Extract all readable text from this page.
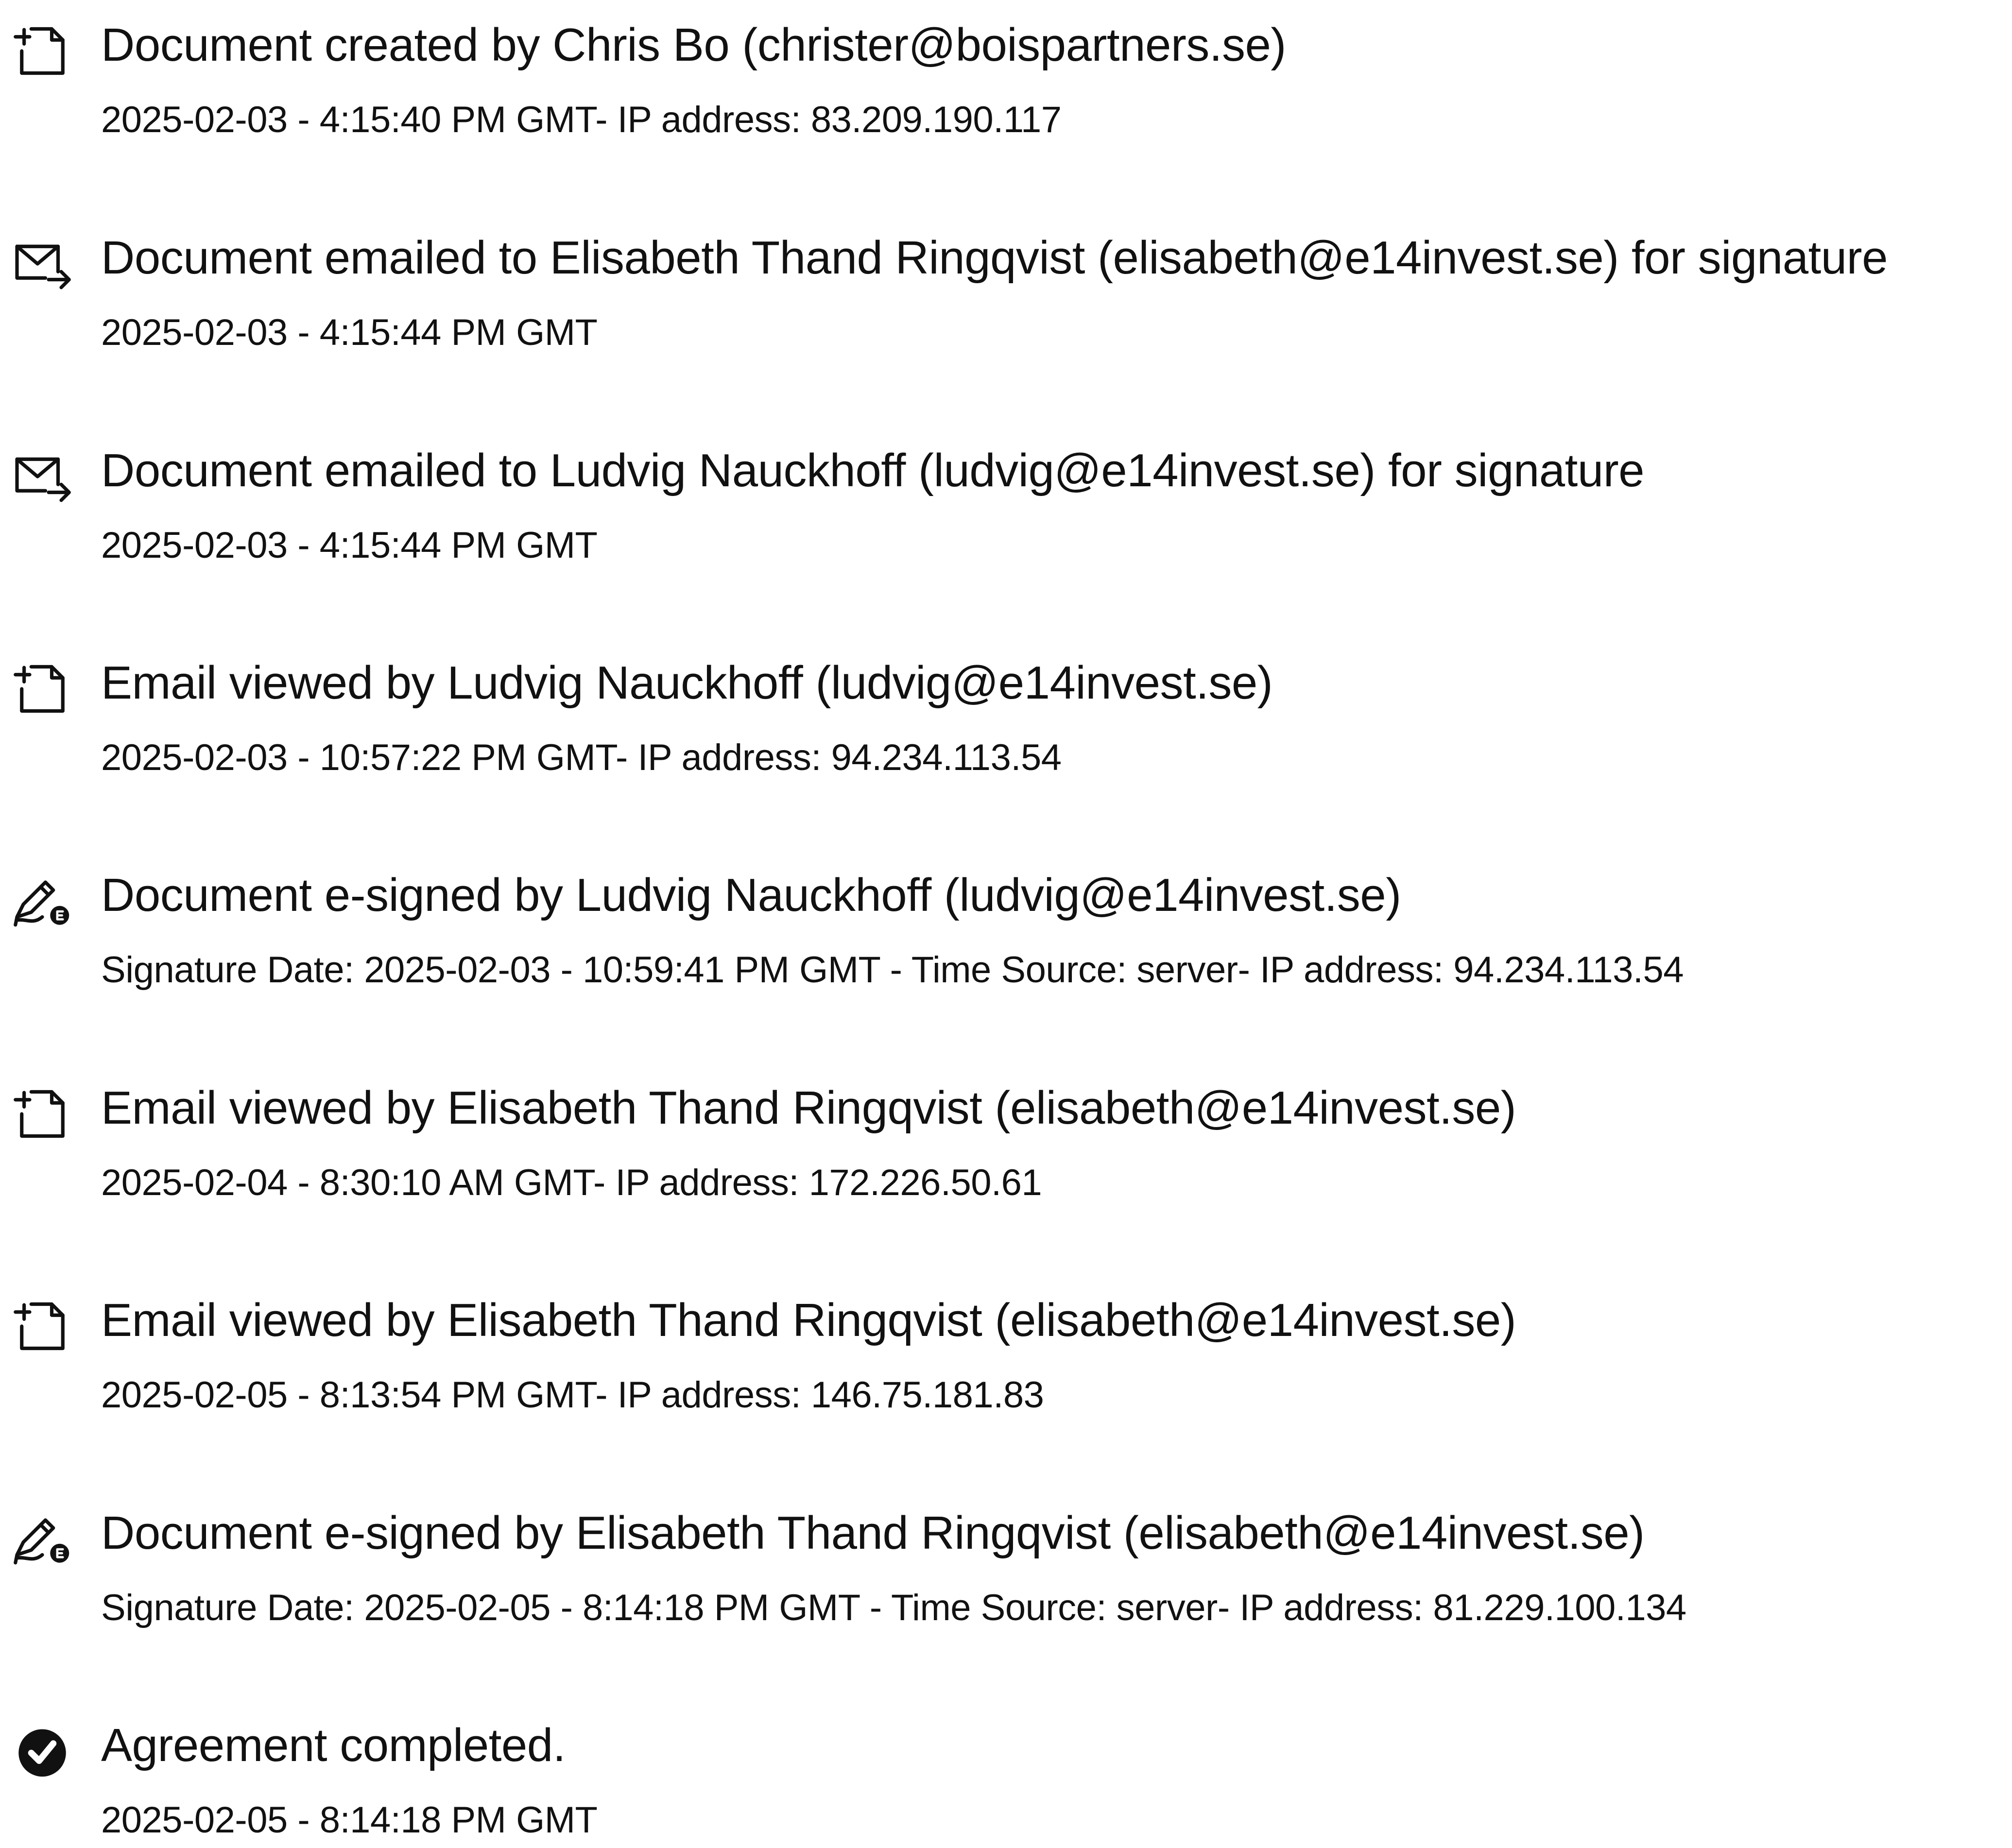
Document created by Chris Bo (christer@boispartners.se)
2025-02-03 - 4:15:40 PM GMT- IP address: 83.209.190.117
Document emailed to Elisabeth Thand Ringqvist (elisabeth@e14invest.se) for signature
2025-02-03 - 4:15:44 PM GMT
Document emailed to Ludvig Nauckhoff (ludvig@e14invest.se) for signature
2025-02-03 - 4:15:44 PM GMT
Email viewed by Ludvig Nauckhoff (ludvig@e14invest.se)
2025-02-03 - 10:57:22 PM GMT- IP address: 94.234.113.54
Document e-signed by Ludvig Nauckhoff (ludvig@e14invest.se)
Signature Date: 2025-02-03 - 10:59:41 PM GMT - Time Source: server- IP address: 94.234.113.54
Email viewed by Elisabeth Thand Ringqvist (elisabeth@e14invest.se)
2025-02-04 - 8:30:10 AM GMT- IP address: 172.226.50.61
Email viewed by Elisabeth Thand Ringqvist (elisabeth@e14invest.se)
2025-02-05 - 8:13:54 PM GMT- IP address: 146.75.181.83
Document e-signed by Elisabeth Thand Ringqvist (elisabeth@e14invest.se)
Signature Date: 2025-02-05 - 8:14:18 PM GMT - Time Source: server- IP address: 81.229.100.134
Agreement completed.
2025-02-05 - 8:14:18 PM GMT
